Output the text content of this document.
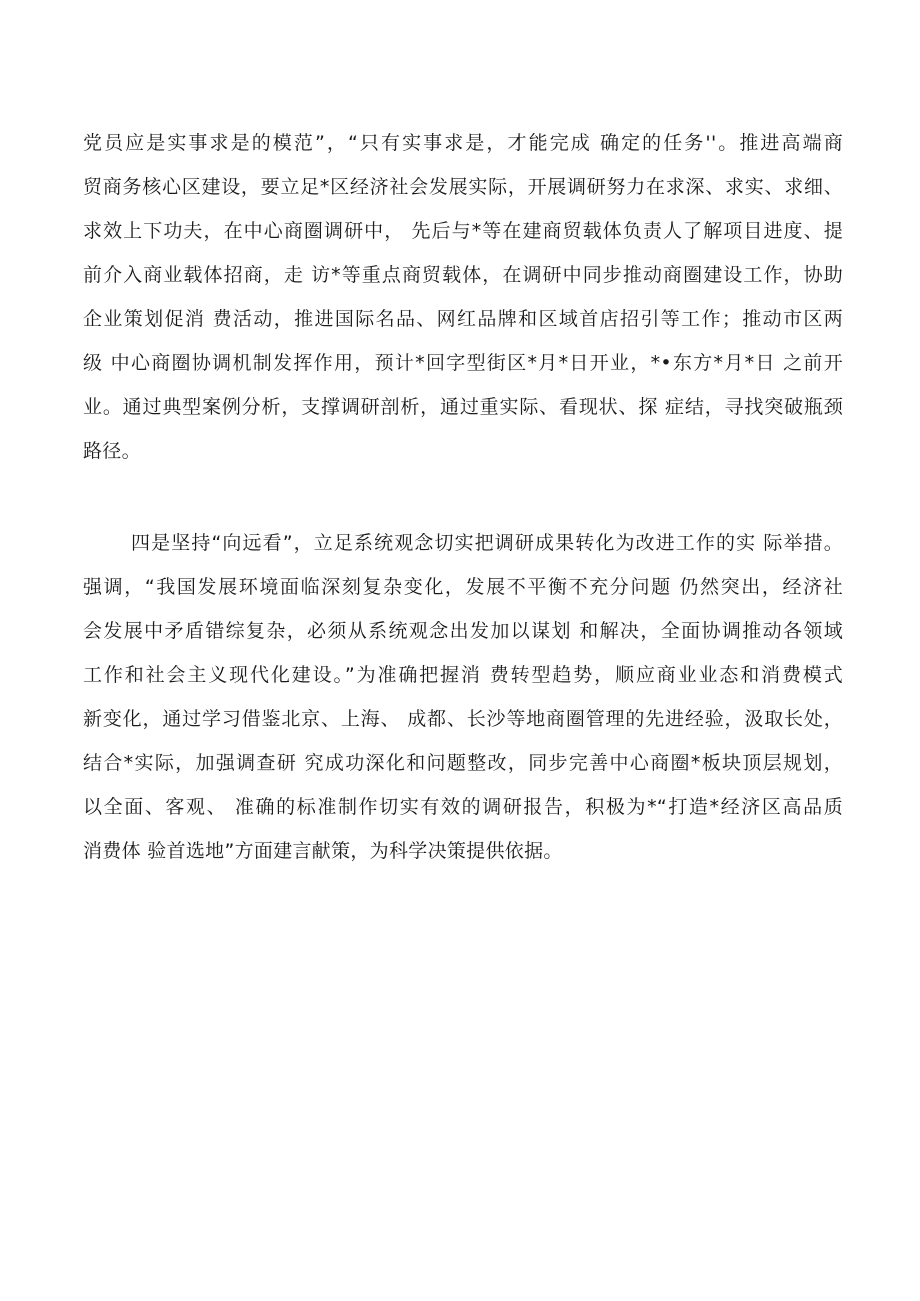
党员应是实事求是的模范”，“只有实事求是，才能完成 确定的任务''。推进高端商
贸商务核心区建设，要立足*区经济社会发展实际，开展调研努力在求深、求实、求细、
求效上下功夫，在中心商圈调研中， 先后与*等在建商贸载体负责人了解项目进度、提
前介入商业载体招商，走 访*等重点商贸载体，在调研中同步推动商圈建设工作，协助
企业策划促消 费活动，推进国际名品、网红品牌和区域首店招引等工作；推动市区两
级 中心商圈协调机制发挥作用，预计*回字型街区*月*日开业，*•东方*月*日 之前开
业。通过典型案例分析，支撑调研剖析，通过重实际、看现状、探 症结，寻找突破瓶颈
路径。
四是坚持“向远看”，立足系统观念切实把调研成果转化为改进工作的实 际举措。
强调，“我国发展环境面临深刻复杂变化，发展不平衡不充分问题 仍然突出，经济社
会发展中矛盾错综复杂，必须从系统观念出发加以谋划 和解决，全面协调推动各领域
工作和社会主义现代化建设。”为准确把握消 费转型趋势，顺应商业业态和消费模式
新变化，通过学习借鉴北京、上海、 成都、长沙等地商圈管理的先进经验，汲取长处，
结合*实际，加强调查研 究成功深化和问题整改，同步完善中心商圈*板块顶层规划，
以全面、客观、 准确的标准制作切实有效的调研报告，积极为*“打造*经济区高品质
消费体 验首选地”方面建言献策，为科学决策提供依据。
